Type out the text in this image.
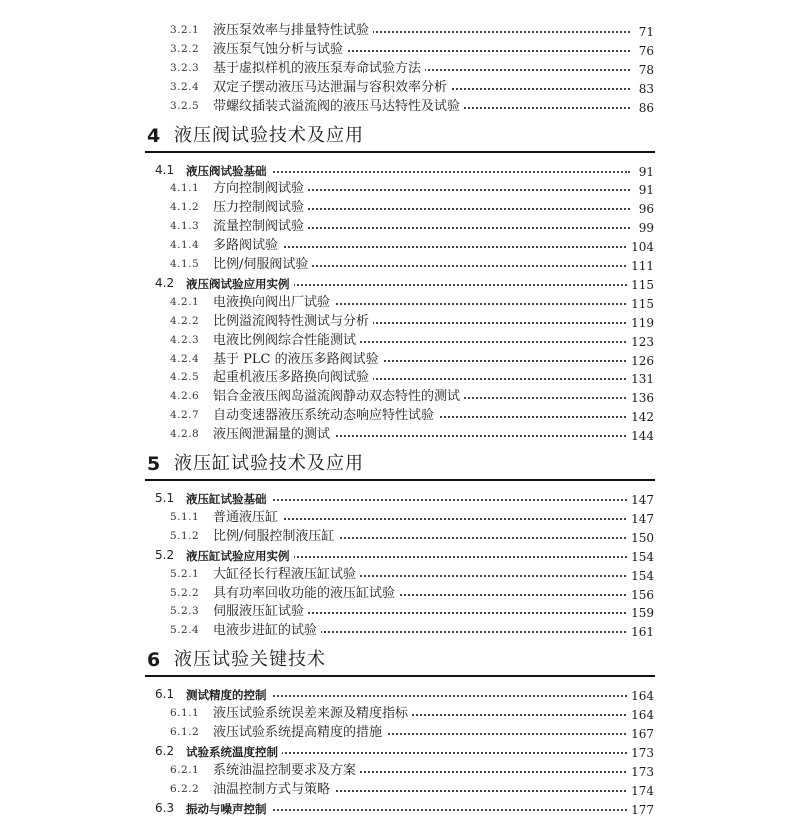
3.2.1 液压泵效率与排量特性试验	71
3.2.2 液压泵气蚀分析与试验	76
3.2.3 基于虚拟样机的液压泵寿命试验方法	78
3.2.4 双定子摆动液压马达泄漏与容积效率分析	83
3.2.5 带螺纹插装式溢流阀的液压马达特性及试验	86
4 液压阀试验技术及应用
4.1 液压阀试验基础	91
4.1.1 方向控制阀试验	91
4.1.2 压力控制阀试验	96
4.1.3 流量控制阀试验	99
4.1.4 多路阀试验	104
4.1.5 比例/伺服阀试验	111
4.2 液压阀试验应用实例	115
4.2.1 电液换向阀出厂试验	115
4.2.2 比例溢流阀特性测试与分析	119
4.2.3 电液比例阀综合性能测试	123
4.2.4 基于 PLC 的液压多路阀试验	126
4.2.5 起重机液压多路换向阀试验	131
4.2.6 铝合金液压阀岛溢流阀静动双态特性的测试	136
4.2.7 自动变速器液压系统动态响应特性试验	142
4.2.8 液压阀泄漏量的测试	144
5 液压缸试验技术及应用
5.1 液压缸试验基础	147
5.1.1 普通液压缸	147
5.1.2 比例/伺服控制液压缸	150
5.2 液压缸试验应用实例	154
5.2.1 大缸径长行程液压缸试验	154
5.2.2 具有功率回收功能的液压缸试验	156
5.2.3 伺服液压缸试验	159
5.2.4 电液步进缸的试验	161
6 液压试验关键技术
6.1 测试精度的控制	164
6.1.1 液压试验系统误差来源及精度指标	164
6.1.2 液压试验系统提高精度的措施	167
6.2 试验系统温度控制	173
6.2.1 系统油温控制要求及方案	173
6.2.2 油温控制方式与策略	174
6.3 振动与噪声控制	177
